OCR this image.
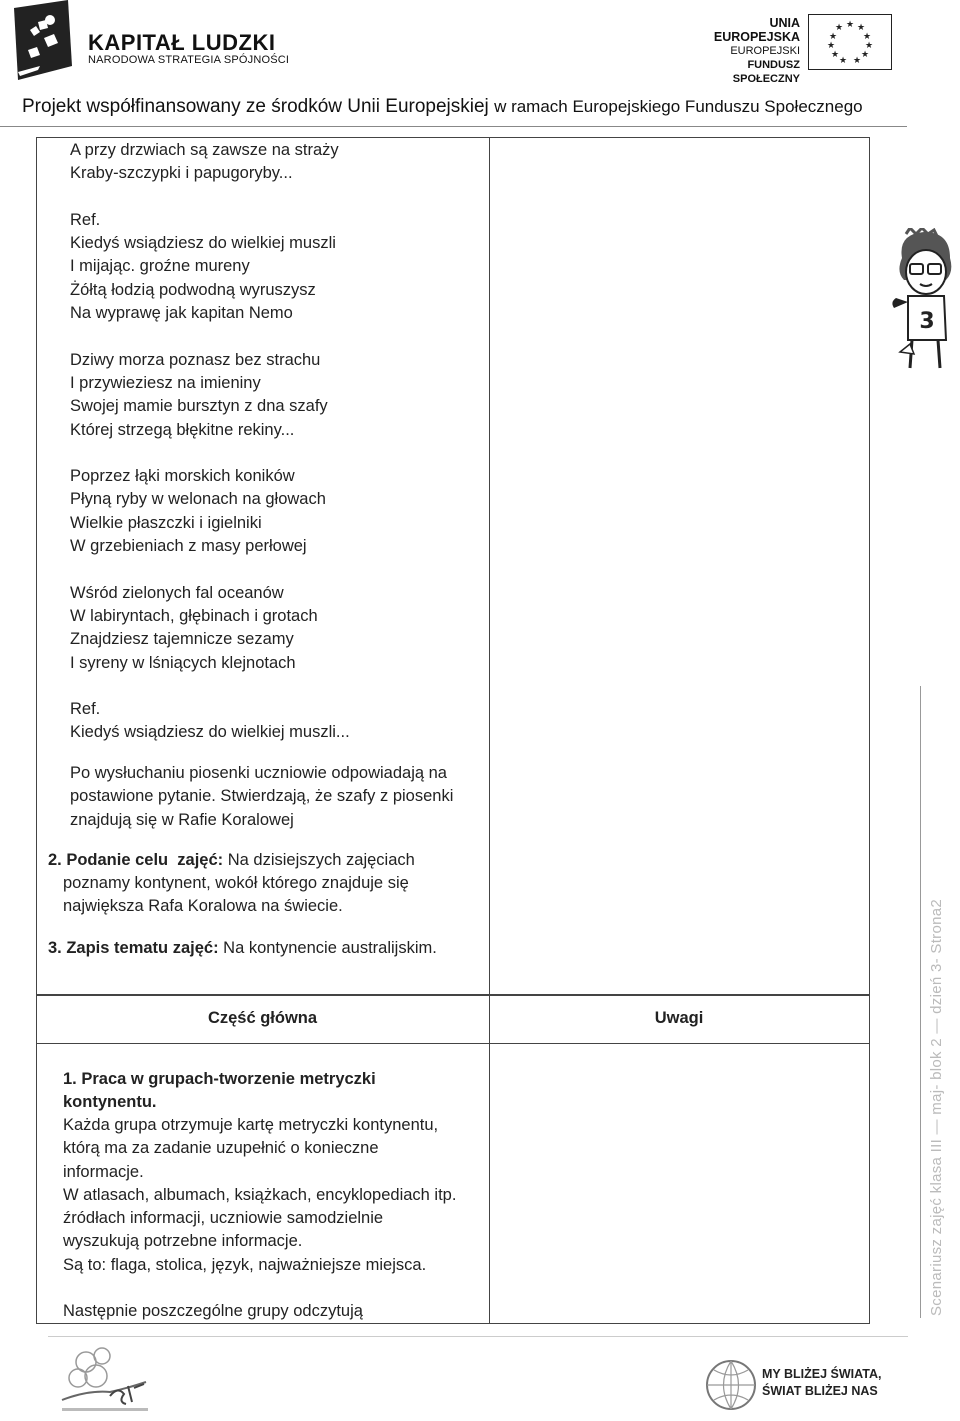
KAPITAŁ LUDZKI
NARODOWA STRATEGIA SPÓJNOŚCI
UNIA EUROPEJSKA
EUROPEJSKI
FUNDUSZ SPOŁECZNY
★ ★
★
★
★
★
★
★
★
★
★
Projekt współfinansowany ze środków Unii Europejskiej w ramach Europejskiego Funduszu Społecznego
A przy drzwiach są zawsze na straży
Kraby-szczypki i papugoryby...

Ref.
Kiedyś wsiądziesz do wielkiej muszli
I mijając. groźne mureny
Żółtą łodzią podwodną wyruszysz
Na wyprawę jak kapitan Nemo

Dziwy morza poznasz bez strachu
I przywieziesz na imieniny
Swojej mamie bursztyn z dna szafy
Której strzegą błękitne rekiny...

Poprzez łąki morskich koników
Płyną ryby w welonach na głowach
Wielkie płaszczki i igielniki
W grzebieniach z masy perłowej

Wśród zielonych fal oceanów
W labiryntach, głębinach i grotach
Znajdziesz tajemnicze sezamy
I syreny w lśniących klejnotach

Ref.
Kiedyś wsiądziesz do wielkiej muszli...
Po wysłuchaniu piosenki uczniowie odpowiadają na
postawione pytanie. Stwierdzają, że szafy z piosenki
znajdują się w Rafie Koralowej
2. Podanie celu  zajęć: Na dzisiejszych zajęciach
poznamy kontynent, wokół którego znajduje się
największa Rafa Koralowa na świecie.
3. Zapis tematu zajęć: Na kontynencie australijskim.
Część główna	Uwagi
1. Praca w grupach-tworzenie metryczki
kontynentu.
Każda grupa otrzymuje kartę metryczki kontynentu,
którą ma za zadanie uzupełnić o konieczne
informacje.
W atlasach, albumach, książkach, encyklopediach itp.
źródłach informacji, uczniowie samodzielnie
wyszukują potrzebne informacje.
Są to: flaga, stolica, język, najważniejsze miejsca.

Następnie poszczególne grupy odczytują
3
Scenariusz zajęć klasa III — maj- blok 2 — dzień 3- Strona2
MY BLIŻEJ ŚWIATA,
ŚWIAT BLIŻEJ NAS
